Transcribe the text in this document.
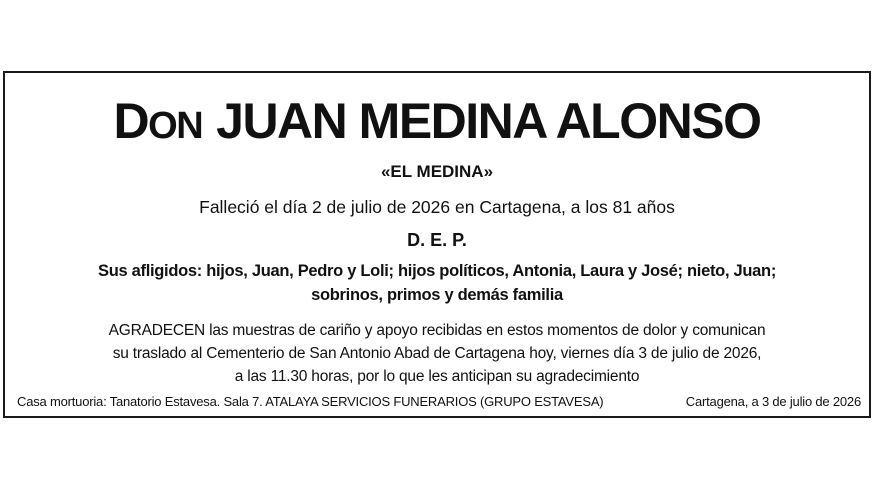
DON JUAN MEDINA ALONSO
«EL MEDINA»
Falleció el día 2 de julio de 2026 en Cartagena, a los 81 años
D. E. P.
Sus afligidos: hijos, Juan, Pedro y Loli; hijos políticos, Antonia, Laura y José; nieto, Juan;
sobrinos, primos y demás familia
AGRADECEN las muestras de cariño y apoyo recibidas en estos momentos de dolor y comunican
su traslado al Cementerio de San Antonio Abad de Cartagena hoy, viernes día 3 de julio de 2026,
a las 11.30 horas, por lo que les anticipan su agradecimiento
Casa mortuoria: Tanatorio Estavesa. Sala 7. ATALAYA SERVICIOS FUNERARIOS (GRUPO ESTAVESA)	Cartagena, a 3 de julio de 2026
